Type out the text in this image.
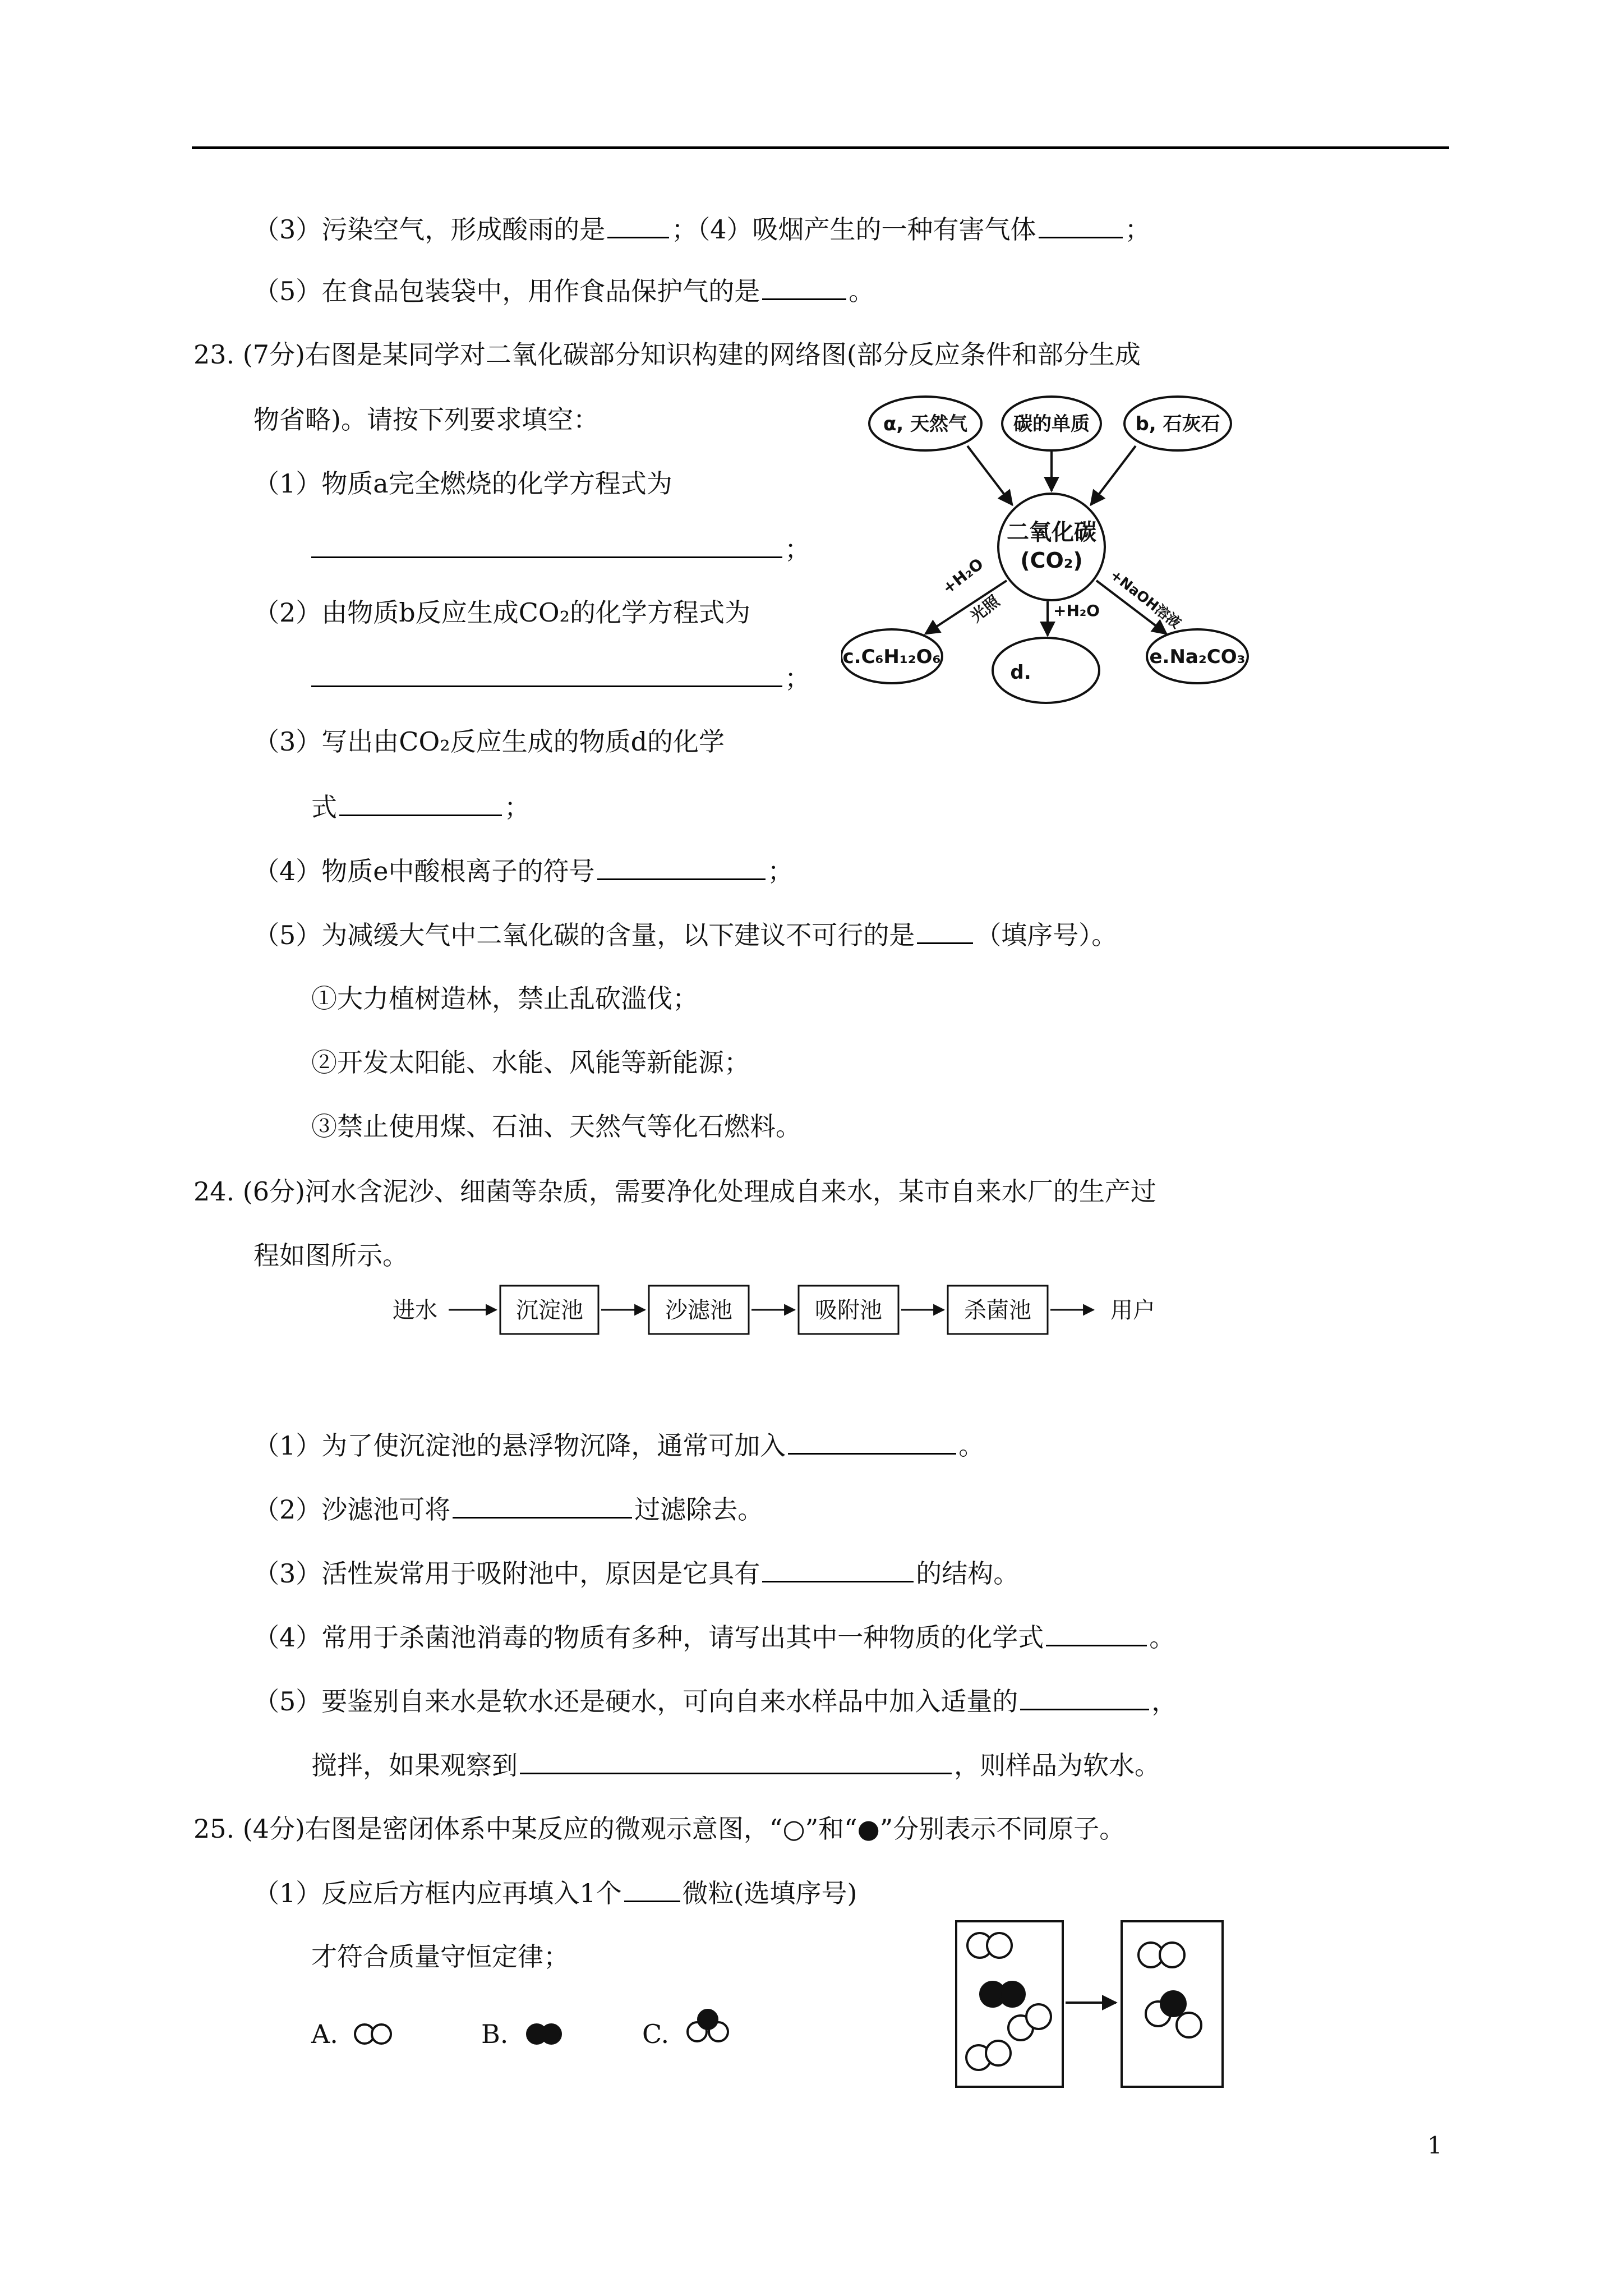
（3）污染空气，形成酸雨的是	；（4）吸烟产生的一种有害气体	；
（5）在食品包装袋中，用作食品保护气的是	。
23. (7分)右图是某同学对二氧化碳部分知识构建的网络图(部分反应条件和部分生成
物省略)。请按下列要求填空：
（1）物质a完全燃烧的化学方程式为
；
（2）由物质b反应生成CO₂的化学方程式为
；
（3）写出由CO₂反应生成的物质d的化学
式	；
（4）物质e中酸根离子的符号	；
（5）为减缓大气中二氧化碳的含量，以下建议不可行的是 （填序号）。
①大力植树造林，禁止乱砍滥伐；
②开发太阳能、水能、风能等新能源；
③禁止使用煤、石油、天然气等化石燃料。
α, 天然气 碳的单质 b, 石灰石
二氧化碳
(CO₂)
c.C₆H₁₂O₆
d.
e.Na₂CO₃
+H₂O
光照	+H₂O +NaOH溶液
24. (6分)河水含泥沙、细菌等杂质，需要净化处理成自来水，某市自来水厂的生产过
程如图所示。
进水	沉淀池	沙滤池	吸附池	杀菌池	用户
（1）为了使沉淀池的悬浮物沉降，通常可加入	。
（2）沙滤池可将	过滤除去。
（3）活性炭常用于吸附池中，原因是它具有	的结构。
（4）常用于杀菌池消毒的物质有多种，请写出其中一种物质的化学式	。
（5）要鉴别自来水是软水还是硬水，可向自来水样品中加入适量的	，
搅拌，如果观察到	，则样品为软水。
25. (4分)右图是密闭体系中某反应的微观示意图，“○”和“●”分别表示不同原子。
（1）反应后方框内应再填入1个 微粒(选填序号)
才符合质量守恒定律；
A.	B.	C.
1
